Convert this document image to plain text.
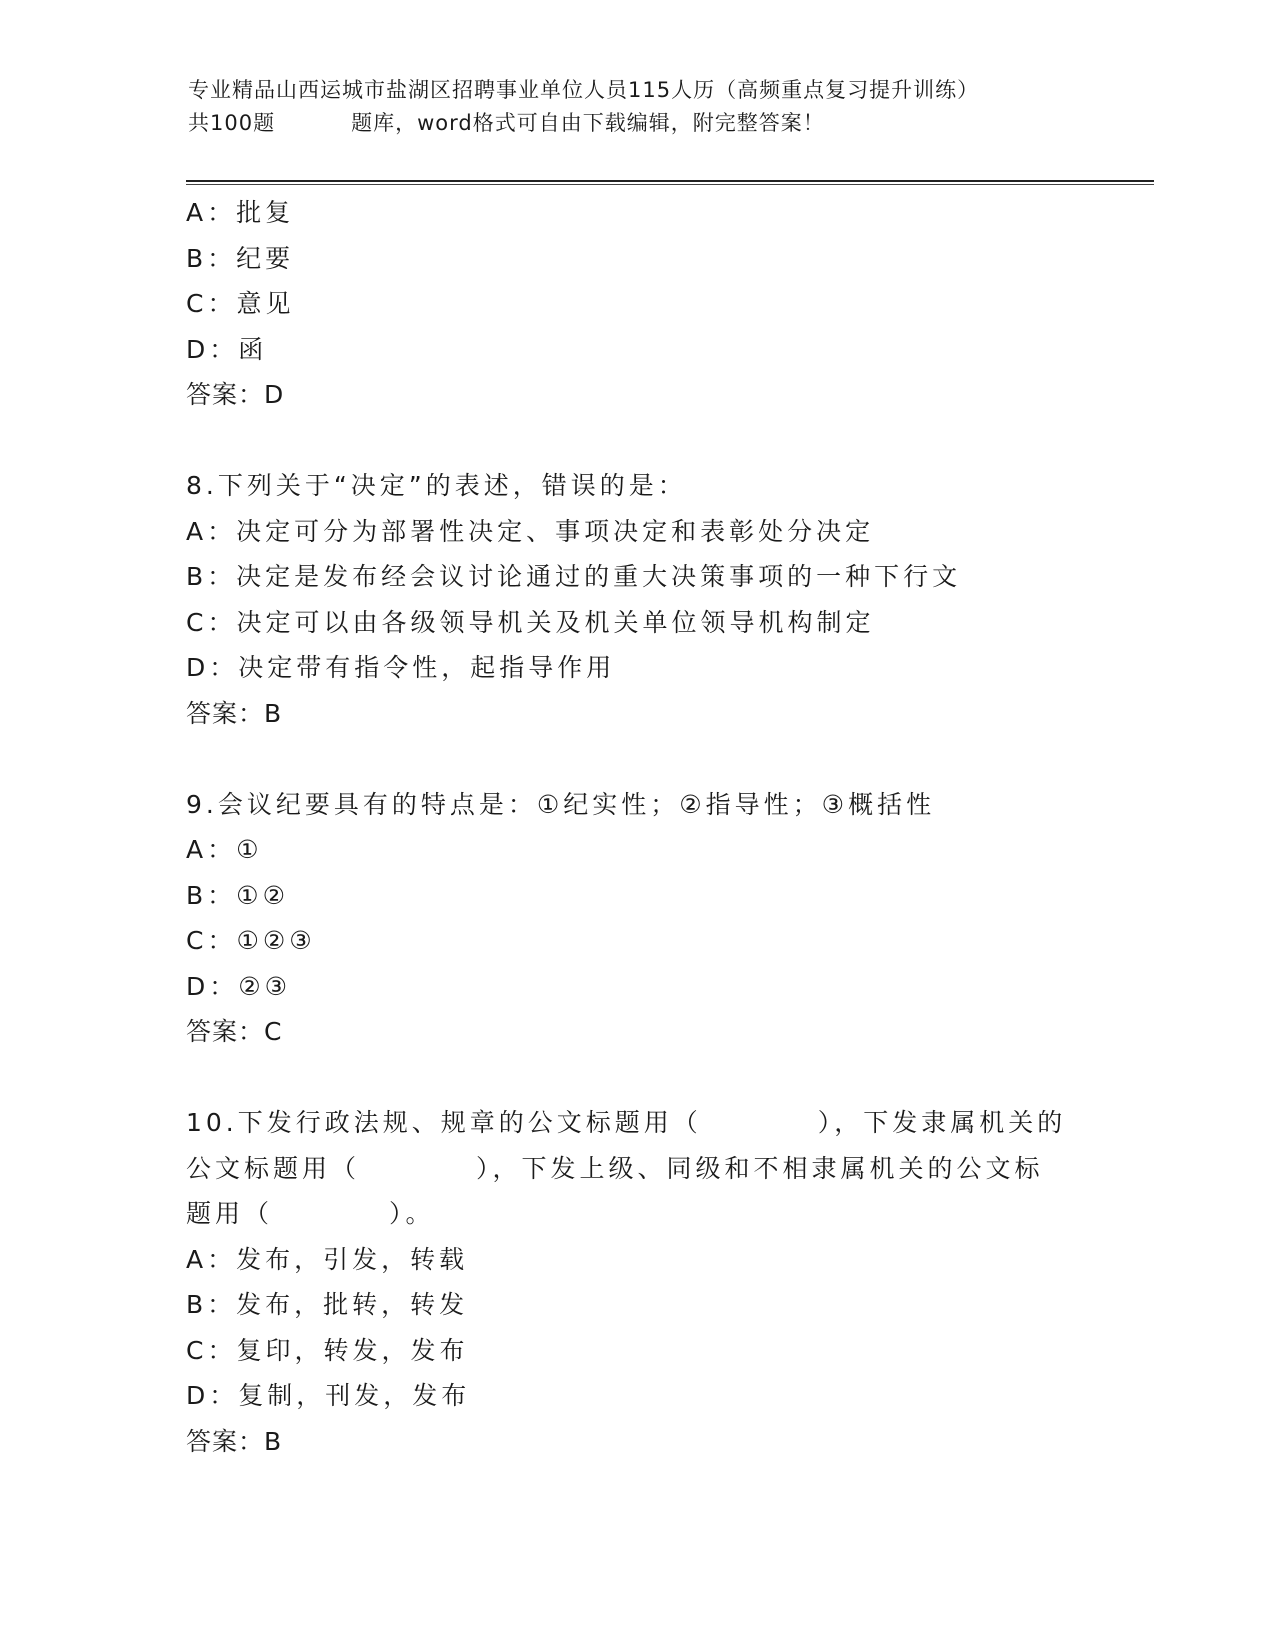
专业精品山西运城市盐湖区招聘事业单位人员115人历（高频重点复习提升训练）
共100题	题库，word格式可自由下载编辑，附完整答案！
A：批复
B：纪要
C：意见
D：函
答案：D
8.下列关于“决定”的表述，错误的是：
A：决定可分为部署性决定、事项决定和表彰处分决定
B：决定是发布经会议讨论通过的重大决策事项的一种下行文
C：决定可以由各级领导机关及机关单位领导机构制定
D：决定带有指令性，起指导作用
答案：B
9.会议纪要具有的特点是：①纪实性；②指导性；③概括性
A：①
B：①②
C：①②③
D：②③
答案：C
10.下发行政法规、规章的公文标题用（　　　　），下发隶属机关的
公文标题用（　　　　），下发上级、同级和不相隶属机关的公文标
题用（　　　　）。
A：发布，引发，转载
B：发布，批转，转发
C：复印，转发，发布
D：复制，刊发，发布
答案：B
